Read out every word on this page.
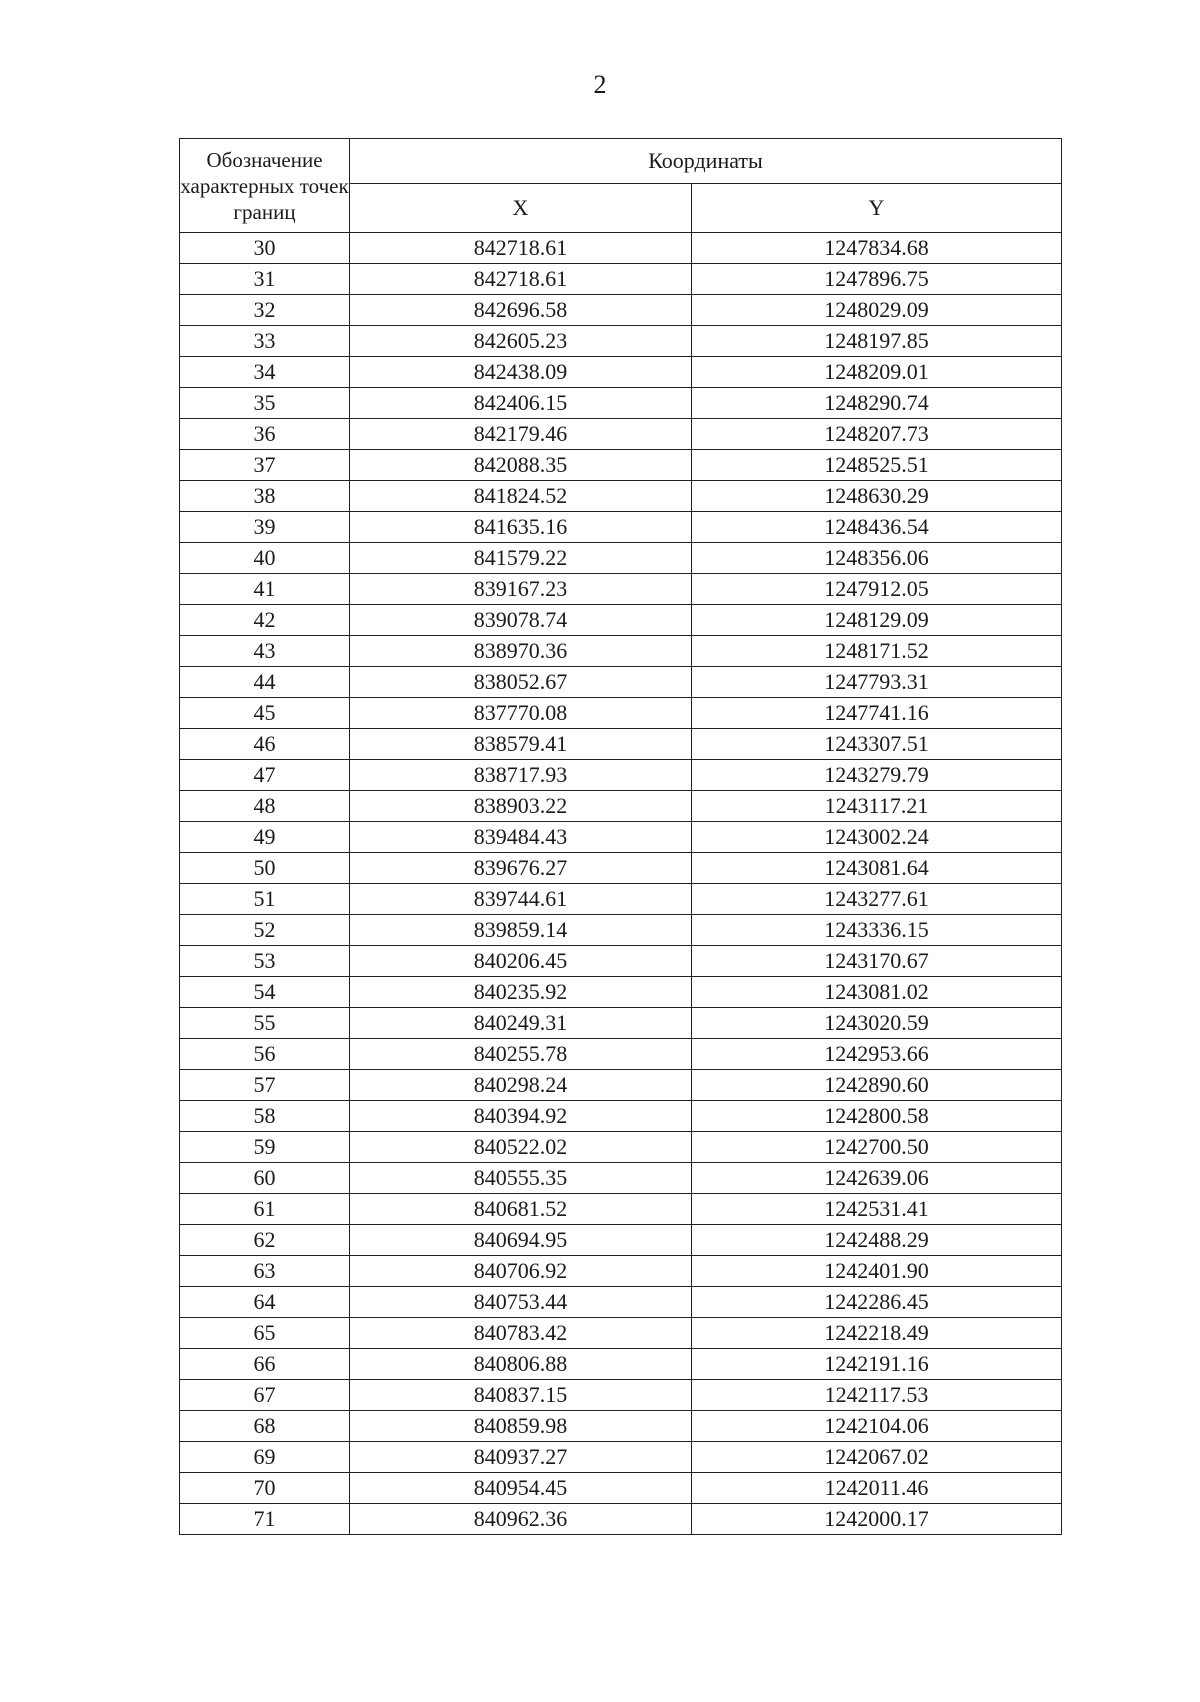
2
Обозначение характерных точек границ	Координаты	
	X	Y
30	842718.61	1247834.68
31	842718.61	1247896.75
32	842696.58	1248029.09
33	842605.23	1248197.85
34	842438.09	1248209.01
35	842406.15	1248290.74
36	842179.46	1248207.73
37	842088.35	1248525.51
38	841824.52	1248630.29
39	841635.16	1248436.54
40	841579.22	1248356.06
41	839167.23	1247912.05
42	839078.74	1248129.09
43	838970.36	1248171.52
44	838052.67	1247793.31
45	837770.08	1247741.16
46	838579.41	1243307.51
47	838717.93	1243279.79
48	838903.22	1243117.21
49	839484.43	1243002.24
50	839676.27	1243081.64
51	839744.61	1243277.61
52	839859.14	1243336.15
53	840206.45	1243170.67
54	840235.92	1243081.02
55	840249.31	1243020.59
56	840255.78	1242953.66
57	840298.24	1242890.60
58	840394.92	1242800.58
59	840522.02	1242700.50
60	840555.35	1242639.06
61	840681.52	1242531.41
62	840694.95	1242488.29
63	840706.92	1242401.90
64	840753.44	1242286.45
65	840783.42	1242218.49
66	840806.88	1242191.16
67	840837.15	1242117.53
68	840859.98	1242104.06
69	840937.27	1242067.02
70	840954.45	1242011.46
71	840962.36	1242000.17
